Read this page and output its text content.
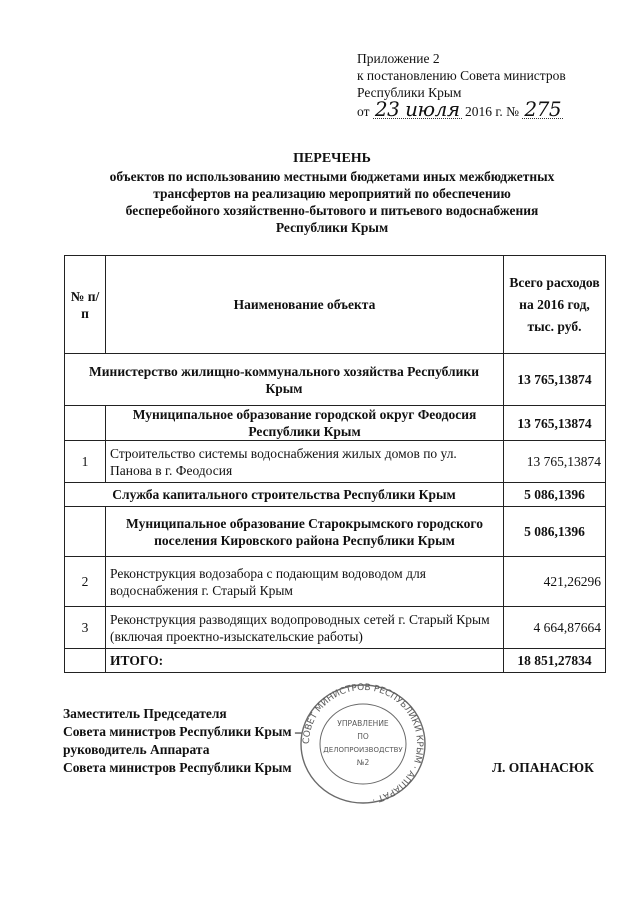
Приложение 2
к постановлению Совета министров
Республики Крым
от 23 июля 2016 г. № 275
ПЕРЕЧЕНЬ
объектов по использованию местными бюджетами иных межбюджетных
трансфертов на реализацию мероприятий по обеспечению
бесперебойного хозяйственно-бытового и питьевого водоснабжения
Республики Крым
№ п/п	Наименование объекта	Всего расходов на 2016 год, тыс. руб.
Министерство жилищно-коммунального хозяйства Республики Крым		13 765,13874
	Муниципальное образование городской округ Феодосия Республики Крым	13 765,13874
1	Строительство системы водоснабжения жилых домов по ул. Панова в г. Феодосия	13 765,13874
Служба капитального строительства Республики Крым		5 086,1396
	Муниципальное образование Старокрымского городского поселения Кировского района Республики Крым	5 086,1396
2	Реконструкция водозабора с подающим водоводом для водоснабжения г. Старый Крым	421,26296
3	Реконструкция разводящих водопроводных сетей г. Старый Крым (включая проектно-изыскательские работы)	4 664,87664
	ИТОГО:	18 851,27834
Заместитель Председателя
Совета министров Республики Крым –
руководитель Аппарата
Совета министров Республики Крым
СОВЕТ МИНИСТРОВ РЕСПУБЛИКИ КРЫМ · АППАРАТ ·
УПРАВЛЕНИЕ
ПО
ДЕЛОПРОИЗВОДСТВУ
№2	Л. ОПАНАСЮК
